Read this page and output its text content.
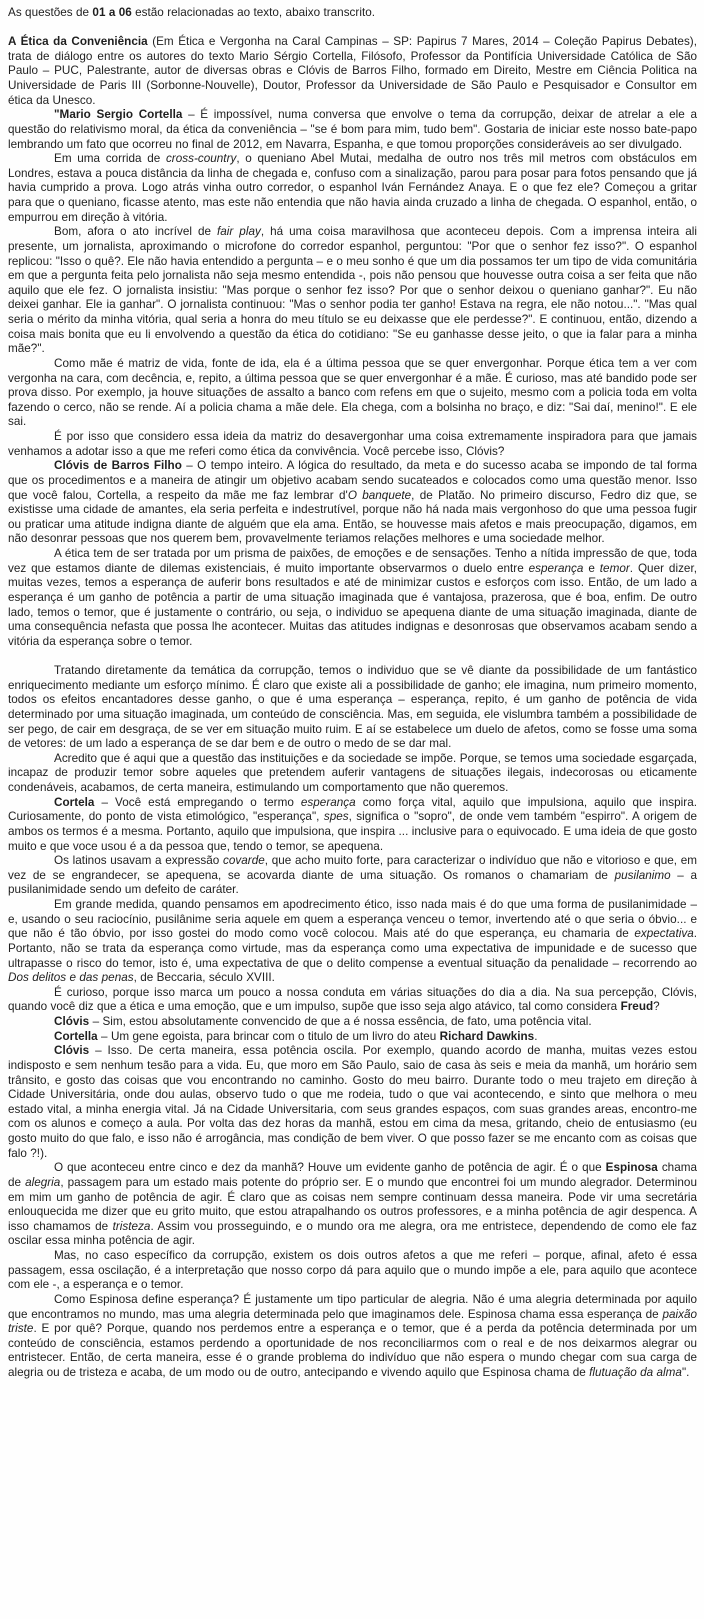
As questões de 01 a 06 estão relacionadas ao texto, abaixo transcrito.

A Ética da Conveniência (Em Ética e Vergonha na Caral Campinas – SP: Papirus 7 Mares, 2014 – Coleção Papirus Debates), trata de diálogo entre os autores do texto Mario Sérgio Cortella, Filósofo, Professor da Pontifícia Universidade Católica de São Paulo – PUC, Palestrante, autor de diversas obras e Clóvis de Barros Filho, formado em Direito, Mestre em Ciência Politica na Universidade de Paris III (Sorbonne-Nouvelle), Doutor, Professor da Universidade de São Paulo e Pesquisador e Consultor em ética da Unesco.

"Mario Sergio Cortella – É impossível, numa conversa que envolve o tema da corrupção, deixar de atrelar a ele a questão do relativismo moral, da ética da conveniência – "se é bom para mim, tudo bem". Gostaria de iniciar este nosso bate-papo lembrando um fato que ocorreu no final de 2012, em Navarra, Espanha, e que tomou proporções consideráveis ao ser divulgado.

Em uma corrida de cross-country, o queniano Abel Mutai, medalha de outro nos três mil metros com obstáculos em Londres, estava a pouca distância da linha de chegada e, confuso com a sinalização, parou para posar para fotos pensando que já havia cumprido a prova. Logo atrás vinha outro corredor, o espanhol Iván Fernández Anaya. E o que fez ele? Começou a gritar para que o queniano, ficasse atento, mas este não entendia que não havia ainda cruzado a linha de chegada. O espanhol, então, o empurrou em direção à vitória.

Bom, afora o ato incrível de fair play, há uma coisa maravilhosa que aconteceu depois. Com a imprensa inteira ali presente, um jornalista, aproximando o microfone do corredor espanhol, perguntou: "Por que o senhor fez isso?". O espanhol replicou: "Isso o quê?. Ele não havia entendido a pergunta – e o meu sonho é que um dia possamos ter um tipo de vida comunitária em que a pergunta feita pelo jornalista não seja mesmo entendida -, pois não pensou que houvesse outra coisa a ser feita que não aquilo que ele fez. O jornalista insistiu: "Mas porque o senhor fez isso? Por que o senhor deixou o queniano ganhar?". Eu não deixei ganhar. Ele ia ganhar". O jornalista continuou: "Mas o senhor podia ter ganho! Estava na regra, ele não notou...". "Mas qual seria o mérito da minha vitória, qual seria a honra do meu título se eu deixasse que ele perdesse?". E continuou, então, dizendo a coisa mais bonita que eu li envolvendo a questão da ética do cotidiano: "Se eu ganhasse desse jeito, o que ia falar para a minha mãe?".

Como mãe é matriz de vida, fonte de ida, ela é a última pessoa que se quer envergonhar. Porque ética tem a ver com vergonha na cara, com decência, e, repito, a última pessoa que se quer envergonhar é a mãe. É curioso, mas até bandido pode ser prova disso. Por exemplo, ja houve situações de assalto a banco com refens em que o sujeito, mesmo com a policia toda em volta fazendo o cerco, não se rende. Aí a policia chama a mãe dele. Ela chega, com a bolsinha no braço, e diz: "Sai daí, menino!". E ele sai.

É por isso que considero essa ideia da matriz do desavergonhar uma coisa extremamente inspiradora para que jamais venhamos a adotar isso a que me referi como ética da convivência. Você percebe isso, Clóvis?

Clóvis de Barros Filho – O tempo inteiro. A lógica do resultado, da meta e do sucesso acaba se impondo de tal forma que os procedimentos e a maneira de atingir um objetivo acabam sendo sucateados e colocados como uma questão menor. Isso que você falou, Cortella, a respeito da mãe me faz lembrar d'O banquete, de Platão. No primeiro discurso, Fedro diz que, se existisse uma cidade de amantes, ela seria perfeita e indestrutível, porque não há nada mais vergonhoso do que uma pessoa fugir ou praticar uma atitude indigna diante de alguém que ela ama. Então, se houvesse mais afetos e mais preocupação, digamos, em não desonrar pessoas que nos querem bem, provavelmente teriamos relações melhores e uma sociedade melhor.

A ética tem de ser tratada por um prisma de paixões, de emoções e de sensações. Tenho a nítida impressão de que, toda vez que estamos diante de dilemas existenciais, é muito importante observarmos o duelo entre esperança e temor. Quer dizer, muitas vezes, temos a esperança de auferir bons resultados e até de minimizar custos e esforços com isso. Então, de um lado a esperança é um ganho de potência a partir de uma situação imaginada que é vantajosa, prazerosa, que é boa, enfim. De outro lado, temos o temor, que é justamente o contrário, ou seja, o individuo se apequena diante de uma situação imaginada, diante de uma consequência nefasta que possa lhe acontecer. Muitas das atitudes indignas e desonrosas que observamos acabam sendo a vitória da esperança sobre o temor.

Tratando diretamente da temática da corrupção, temos o individuo que se vê diante da possibilidade de um fantástico enriquecimento mediante um esforço mínimo. É claro que existe ali a possibilidade de ganho; ele imagina, num primeiro momento, todos os efeitos encantadores desse ganho, o que é uma esperança – esperança, repito, é um ganho de potência de vida determinado por uma situação imaginada, um conteúdo de consciência. Mas, em seguida, ele vislumbra também a possibilidade de ser pego, de cair em desgraça, de se ver em situação muito ruim. E aí se estabelece um duelo de afetos, como se fosse uma soma de vetores: de um lado a esperança de se dar bem e de outro o medo de se dar mal.

Acredito que é aqui que a questão das instituições e da sociedade se impõe. Porque, se temos uma sociedade esgarçada, incapaz de produzir temor sobre aqueles que pretendem auferir vantagens de situações ilegais, indecorosas ou eticamente condenáveis, acabamos, de certa maneira, estimulando um comportamento que não queremos.

Cortela – Você está empregando o termo esperança como força vital, aquilo que impulsiona, aquilo que inspira. Curiosamente, do ponto de vista etimológico, "esperança", spes, significa o "sopro", de onde vem também "espirro". A origem de ambos os termos é a mesma. Portanto, aquilo que impulsiona, que inspira ... inclusive para o equivocado. E uma ideia de que gosto muito e que voce usou é a da pessoa que, tendo o temor, se apequena.

Os latinos usavam a expressão covarde, que acho muito forte, para caracterizar o indivíduo que não e vitorioso e que, em vez de se engrandecer, se apequena, se acovarda diante de uma situação. Os romanos o chamariam de pusilanimo – a pusilanimidade sendo um defeito de caráter.

Em grande medida, quando pensamos em apodrecimento ético, isso nada mais é do que uma forma de pusilanimidade – e, usando o seu raciocínio, pusilânime seria aquele em quem a esperança venceu o temor, invertendo até o que seria o óbvio... e que não é tão óbvio, por isso gostei do modo como você colocou. Mais até do que esperança, eu chamaria de expectativa. Portanto, não se trata da esperança como virtude, mas da esperança como uma expectativa de impunidade e de sucesso que ultrapasse o risco do temor, isto é, uma expectativa de que o delito compense a eventual situação da penalidade – recorrendo ao Dos delitos e das penas, de Beccaria, século XVIII.

É curioso, porque isso marca um pouco a nossa conduta em várias situações do dia a dia. Na sua percepção, Clóvis, quando você diz que a ética e uma emoção, que e um impulso, supõe que isso seja algo atávico, tal como considera Freud?

Clóvis – Sim, estou absolutamente convencido de que a é nossa essência, de fato, uma potência vital.

Cortella – Um gene egoista, para brincar com o titulo de um livro do ateu Richard Dawkins.

Clóvis – Isso. De certa maneira, essa potência oscila. Por exemplo, quando acordo de manha, muitas vezes estou indisposto e sem nenhum tesão para a vida. Eu, que moro em São Paulo, saio de casa às seis e meia da manhã, um horário sem trânsito, e gosto das coisas que vou encontrando no caminho. Gosto do meu bairro. Durante todo o meu trajeto em direção à Cidade Universitária, onde dou aulas, observo tudo o que me rodeia, tudo o que vai acontecendo, e sinto que melhora o meu estado vital, a minha energia vital. Já na Cidade Universitaria, com seus grandes espaços, com suas grandes areas, encontro-me com os alunos e começo a aula. Por volta das dez horas da manhã, estou em cima da mesa, gritando, cheio de entusiasmo (eu gosto muito do que falo, e isso não é arrogância, mas condição de bem viver. O que posso fazer se me encanto com as coisas que falo ?!).

O que aconteceu entre cinco e dez da manhã? Houve um evidente ganho de potência de agir. É o que Espinosa chama de alegria, passagem para um estado mais potente do próprio ser. E o mundo que encontrei foi um mundo alegrador. Determinou em mim um ganho de potência de agir. É claro que as coisas nem sempre continuam dessa maneira. Pode vir uma secretária enlouquecida me dizer que eu grito muito, que estou atrapalhando os outros professores, e a minha potência de agir despenca. A isso chamamos de tristeza. Assim vou prosseguindo, e o mundo ora me alegra, ora me entristece, dependendo de como ele faz oscilar essa minha potência de agir.

Mas, no caso específico da corrupção, existem os dois outros afetos a que me referi – porque, afinal, afeto é essa passagem, essa oscilação, é a interpretação que nosso corpo dá para aquilo que o mundo impõe a ele, para aquilo que acontece com ele -, a esperança e o temor.

Como Espinosa define esperança? É justamente um tipo particular de alegria. Não é uma alegria determinada por aquilo que encontramos no mundo, mas uma alegria determinada pelo que imaginamos dele. Espinosa chama essa esperança de paixão triste. E por quê? Porque, quando nos perdemos entre a esperança e o temor, que é a perda da potência determinada por um conteúdo de consciência, estamos perdendo a oportunidade de nos reconciliarmos com o real e de nos deixarmos alegrar ou entristecer. Então, de certa maneira, esse é o grande problema do indivíduo que não espera o mundo chegar com sua carga de alegria ou de tristeza e acaba, de um modo ou de outro, antecipando e vivendo aquilo que Espinosa chama de flutuação da alma".
